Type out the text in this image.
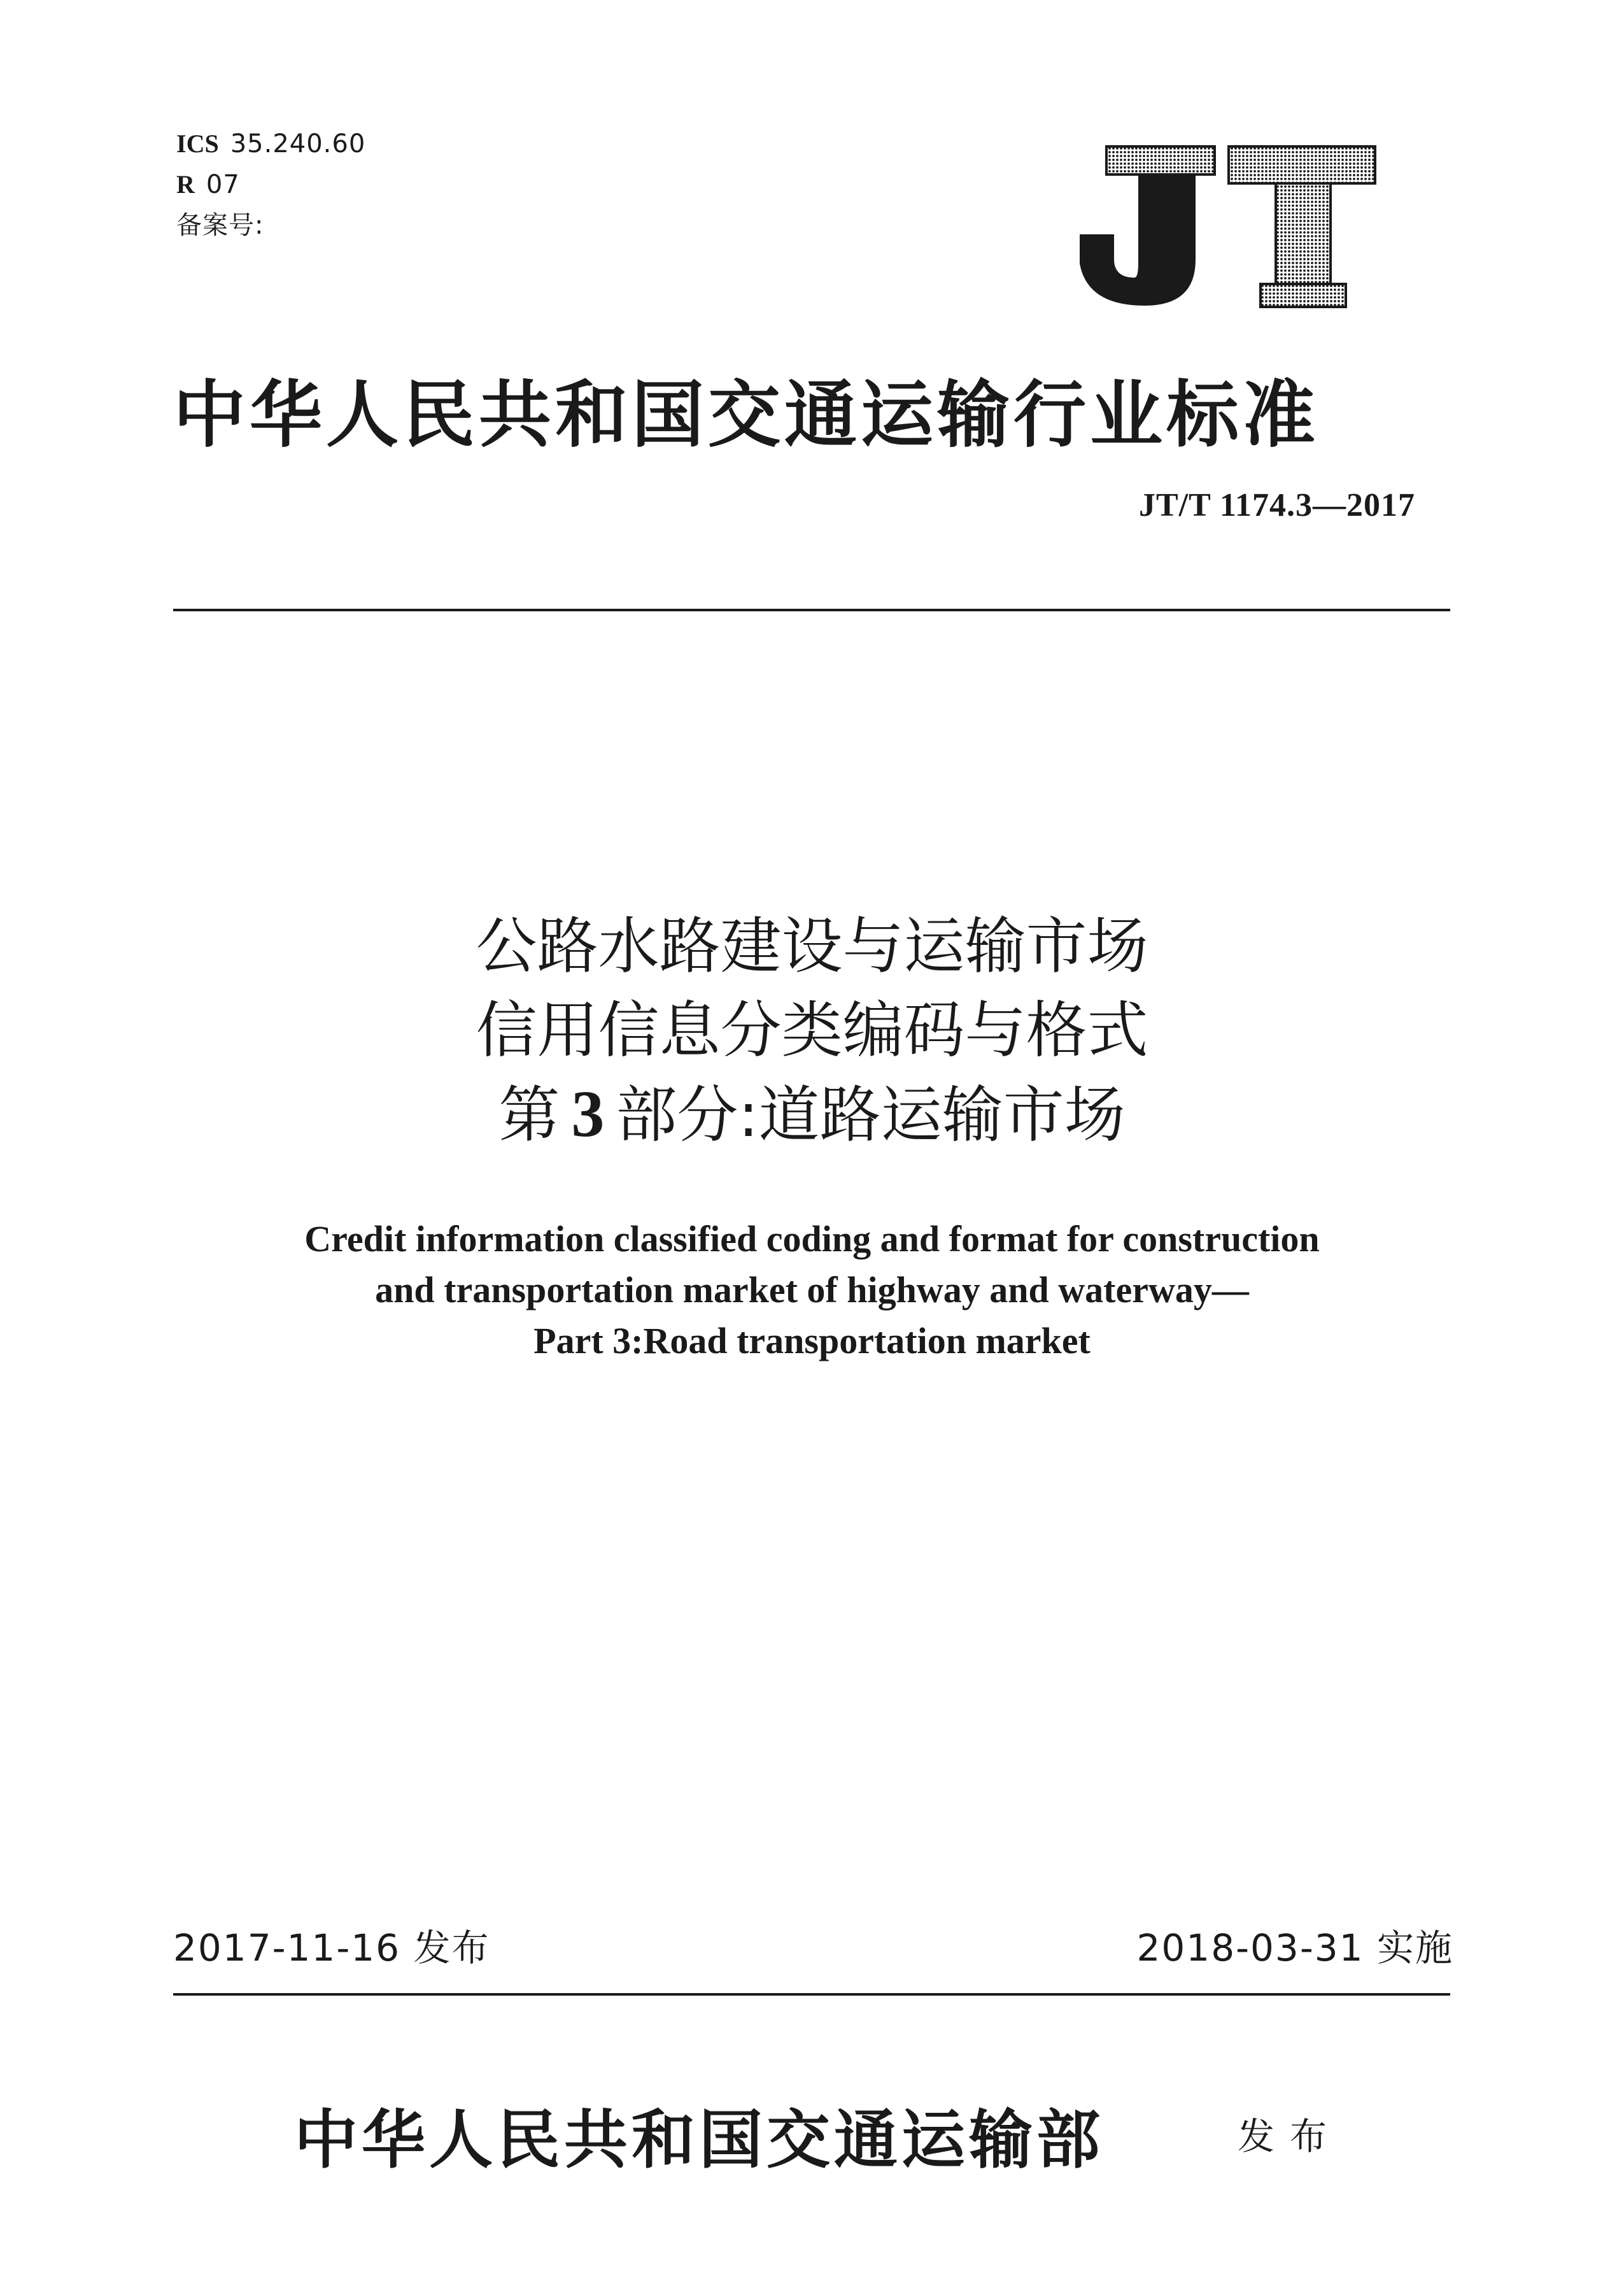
ICS 35.240.60
R 07
备案号:
中华人民共和国交通运输行业标准
JT/T 1174.3—2017
公路水路建设与运输市场
信用信息分类编码与格式
第 3 部分:道路运输市场
Credit information classified coding and format for construction
and transportation market of highway and waterway—
Part 3:Road transportation market
2017-11-16 发布	2018-03-31 实施
中华人民共和国交通运输部	发布
